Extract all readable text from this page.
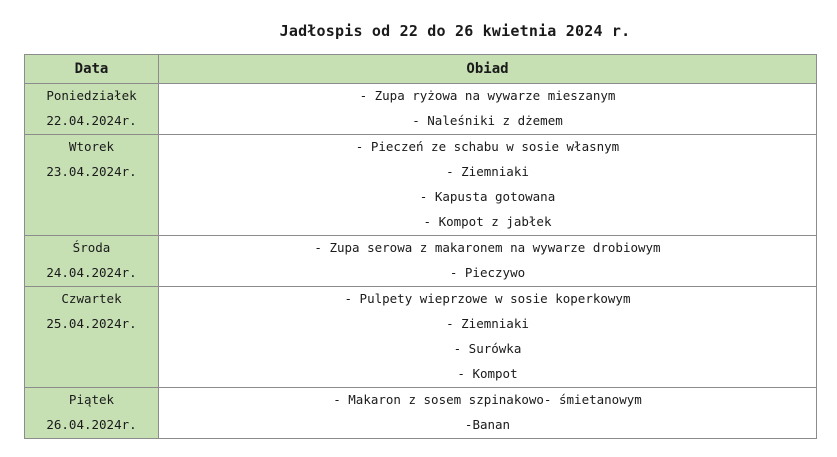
Jadłospis od 22 do 26 kwietnia 2024 r.
Data	Obiad

Poniedziałek
22.04.2024r.	- Zupa ryżowa na wywarze mieszanym
- Naleśniki z dżemem

Wtorek
23.04.2024r.	- Pieczeń ze schabu w sosie własnym
- Ziemniaki
- Kapusta gotowana
- Kompot z jabłek

Środa
24.04.2024r.	- Zupa serowa z makaronem na wywarze drobiowym
- Pieczywo

Czwartek
25.04.2024r.	- Pulpety wieprzowe w sosie koperkowym
- Ziemniaki
- Surówka
- Kompot

Piątek
26.04.2024r.	- Makaron z sosem szpinakowo- śmietanowym
-Banan
